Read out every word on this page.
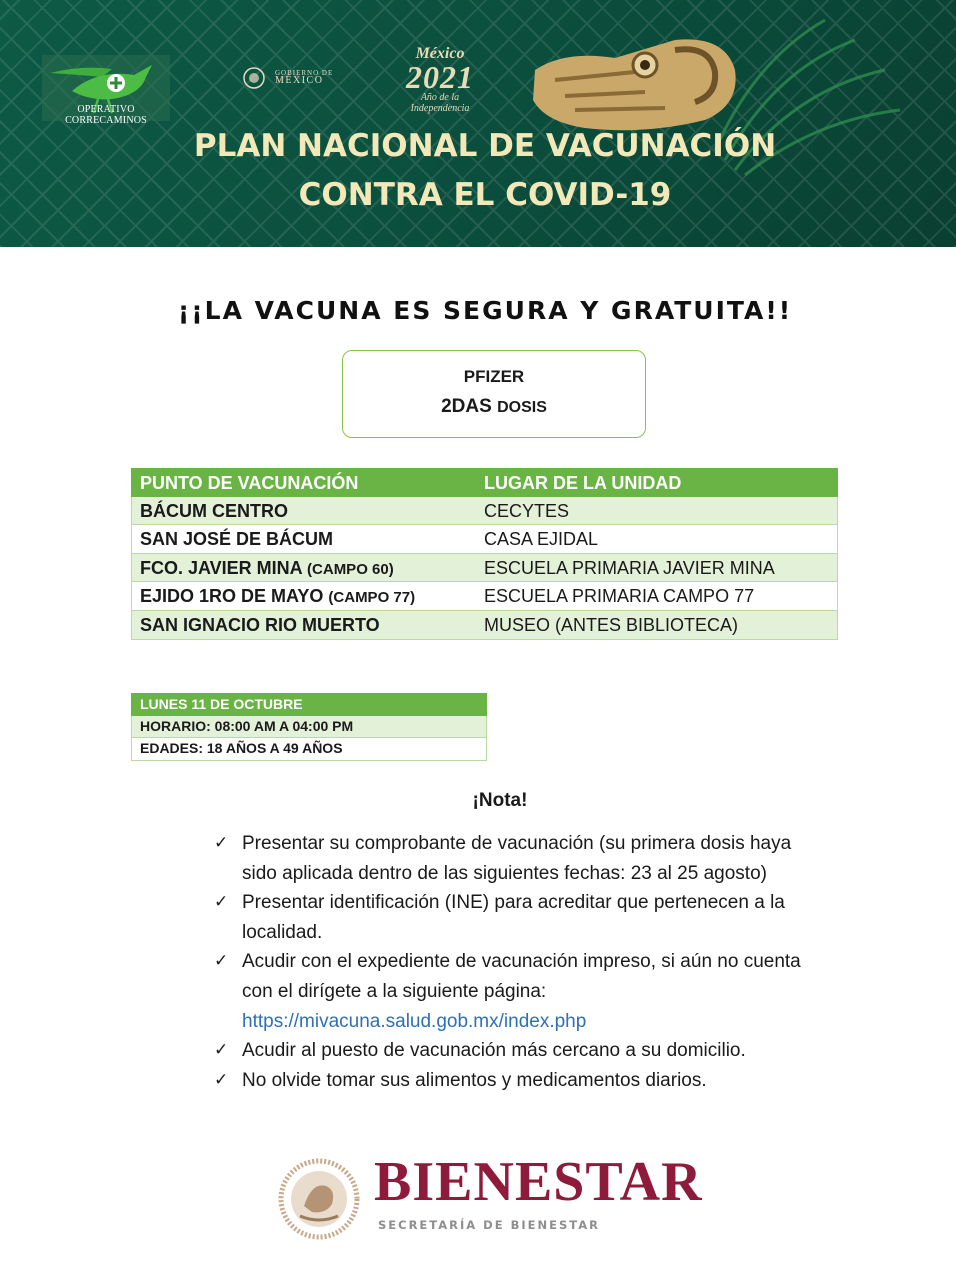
OPERATIVO CORRECAMINOS
GOBIERNO DE
MÉXICO
México
2021
Año de la
Independencia
PLAN NACIONAL DE VACUNACIÓN
CONTRA EL COVID-19
¡¡LA VACUNA ES SEGURA Y GRATUITA!!
PFIZER
2DAS DOSIS
PUNTO DE VACUNACIÓN	LUGAR DE LA UNIDAD
BÁCUM CENTRO	CECYTES
SAN JOSÉ DE BÁCUM	CASA EJIDAL
FCO. JAVIER MINA (CAMPO 60)	ESCUELA PRIMARIA JAVIER MINA
EJIDO 1RO DE MAYO (CAMPO 77)	ESCUELA PRIMARIA CAMPO 77
SAN IGNACIO RIO MUERTO	MUSEO (ANTES BIBLIOTECA)
LUNES 11 DE OCTUBRE
HORARIO: 08:00 AM A 04:00 PM
EDADES: 18 AÑOS A 49 AÑOS
¡Nota!
✓ Presentar su comprobante de vacunación (su primera dosis haya sido aplicada dentro de las siguientes fechas: 23 al 25 agosto)
✓ Presentar identificación (INE) para acreditar que pertenecen a la localidad.
✓ Acudir con el expediente de vacunación impreso, si aún no cuenta con el dirígete a la siguiente página:
https://mivacuna.salud.gob.mx/index.php
✓ Acudir al puesto de vacunación más cercano a su domicilio.
✓ No olvide tomar sus alimentos y medicamentos diarios.
BIENESTAR
SECRETARÍA DE BIENESTAR
